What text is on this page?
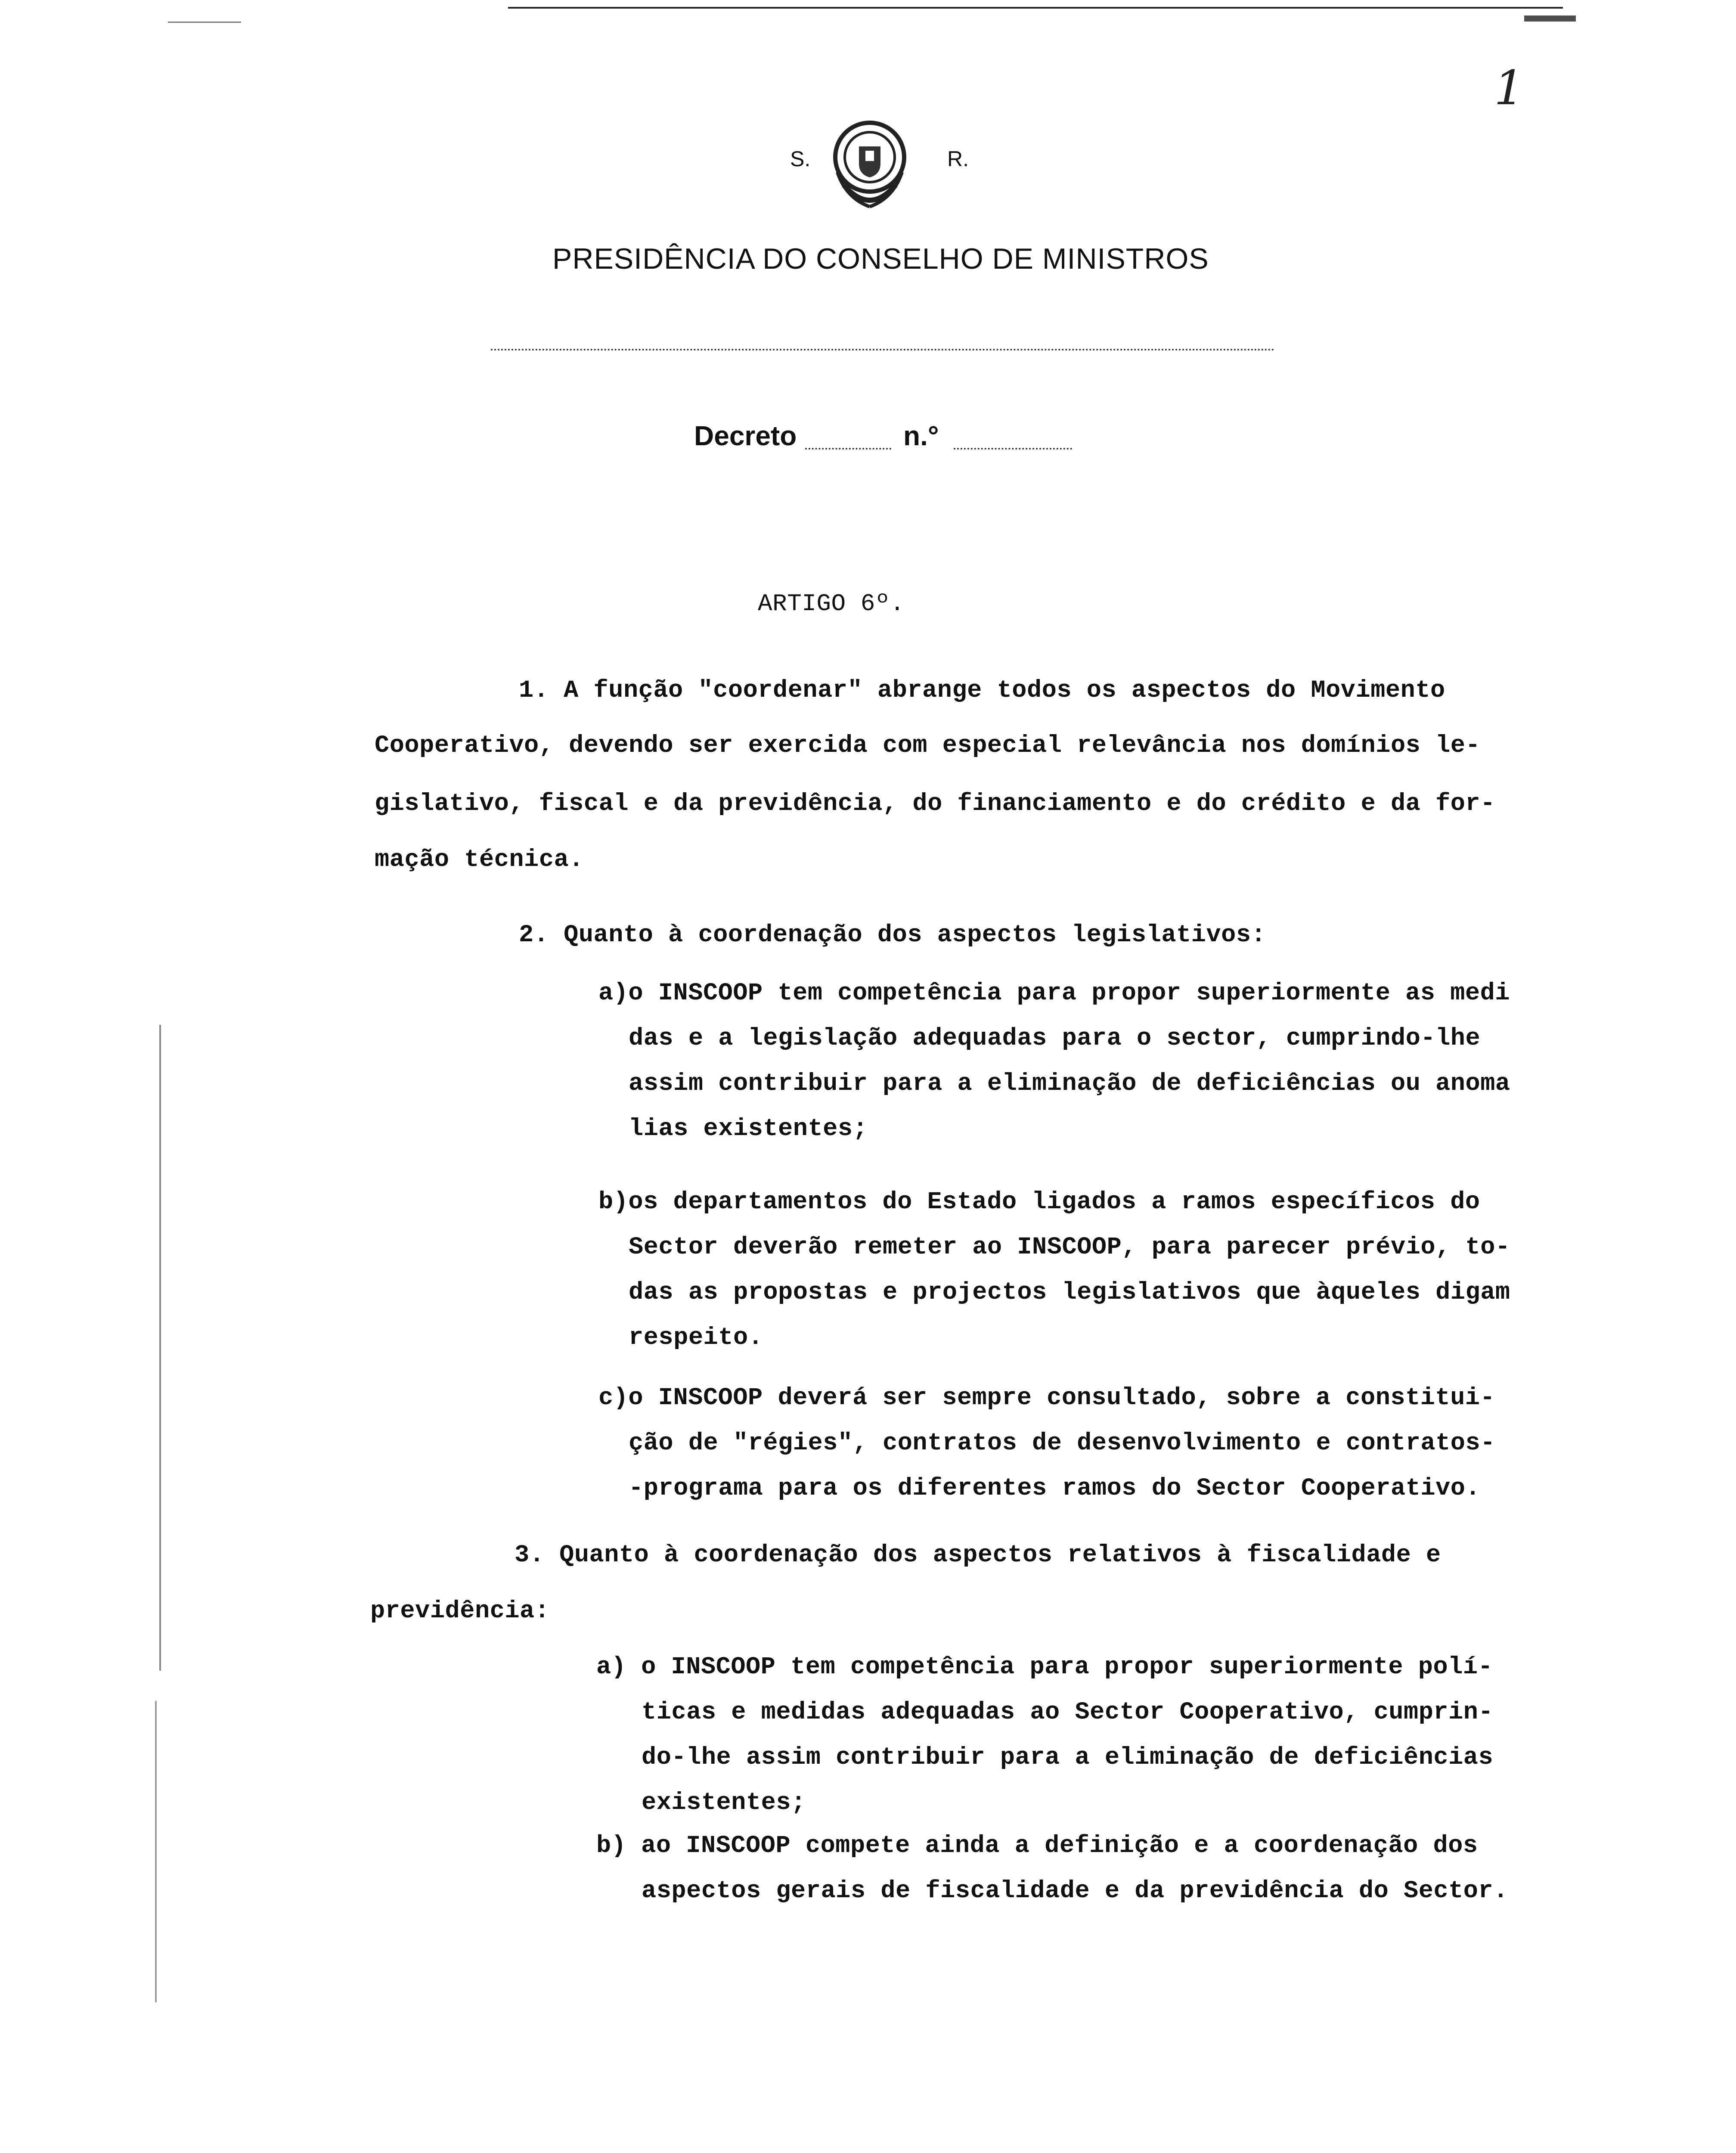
1
S.	R.
PRESIDÊNCIA DO CONSELHO DE MINISTROS
Decreto	n.°
ARTIGO 6º.
1. A função "coordenar" abrange todos os aspectos do Movimento
Cooperativo, devendo ser exercida com especial relevância nos domínios le-
gislativo, fiscal e da previdência, do financiamento e do crédito e da for-
mação técnica.
2. Quanto à coordenação dos aspectos legislativos:
a)o INSCOOP tem competência para propor superiormente as medi
das e a legislação adequadas para o sector, cumprindo-lhe
assim contribuir para a eliminação de deficiências ou anoma
lias existentes;
b)os departamentos do Estado ligados a ramos específicos do
Sector deverão remeter ao INSCOOP, para parecer prévio, to-
das as propostas e projectos legislativos que àqueles digam
respeito.
c)o INSCOOP deverá ser sempre consultado, sobre a constitui-
ção de "régies", contratos de desenvolvimento e contratos-
-programa para os diferentes ramos do Sector Cooperativo.
3. Quanto à coordenação dos aspectos relativos à fiscalidade e
previdência:
a) o INSCOOP tem competência para propor superiormente polí-
ticas e medidas adequadas ao Sector Cooperativo, cumprin-
do-lhe assim contribuir para a eliminação de deficiências
existentes;
b) ao INSCOOP compete ainda a definição e a coordenação dos
aspectos gerais de fiscalidade e da previdência do Sector.
